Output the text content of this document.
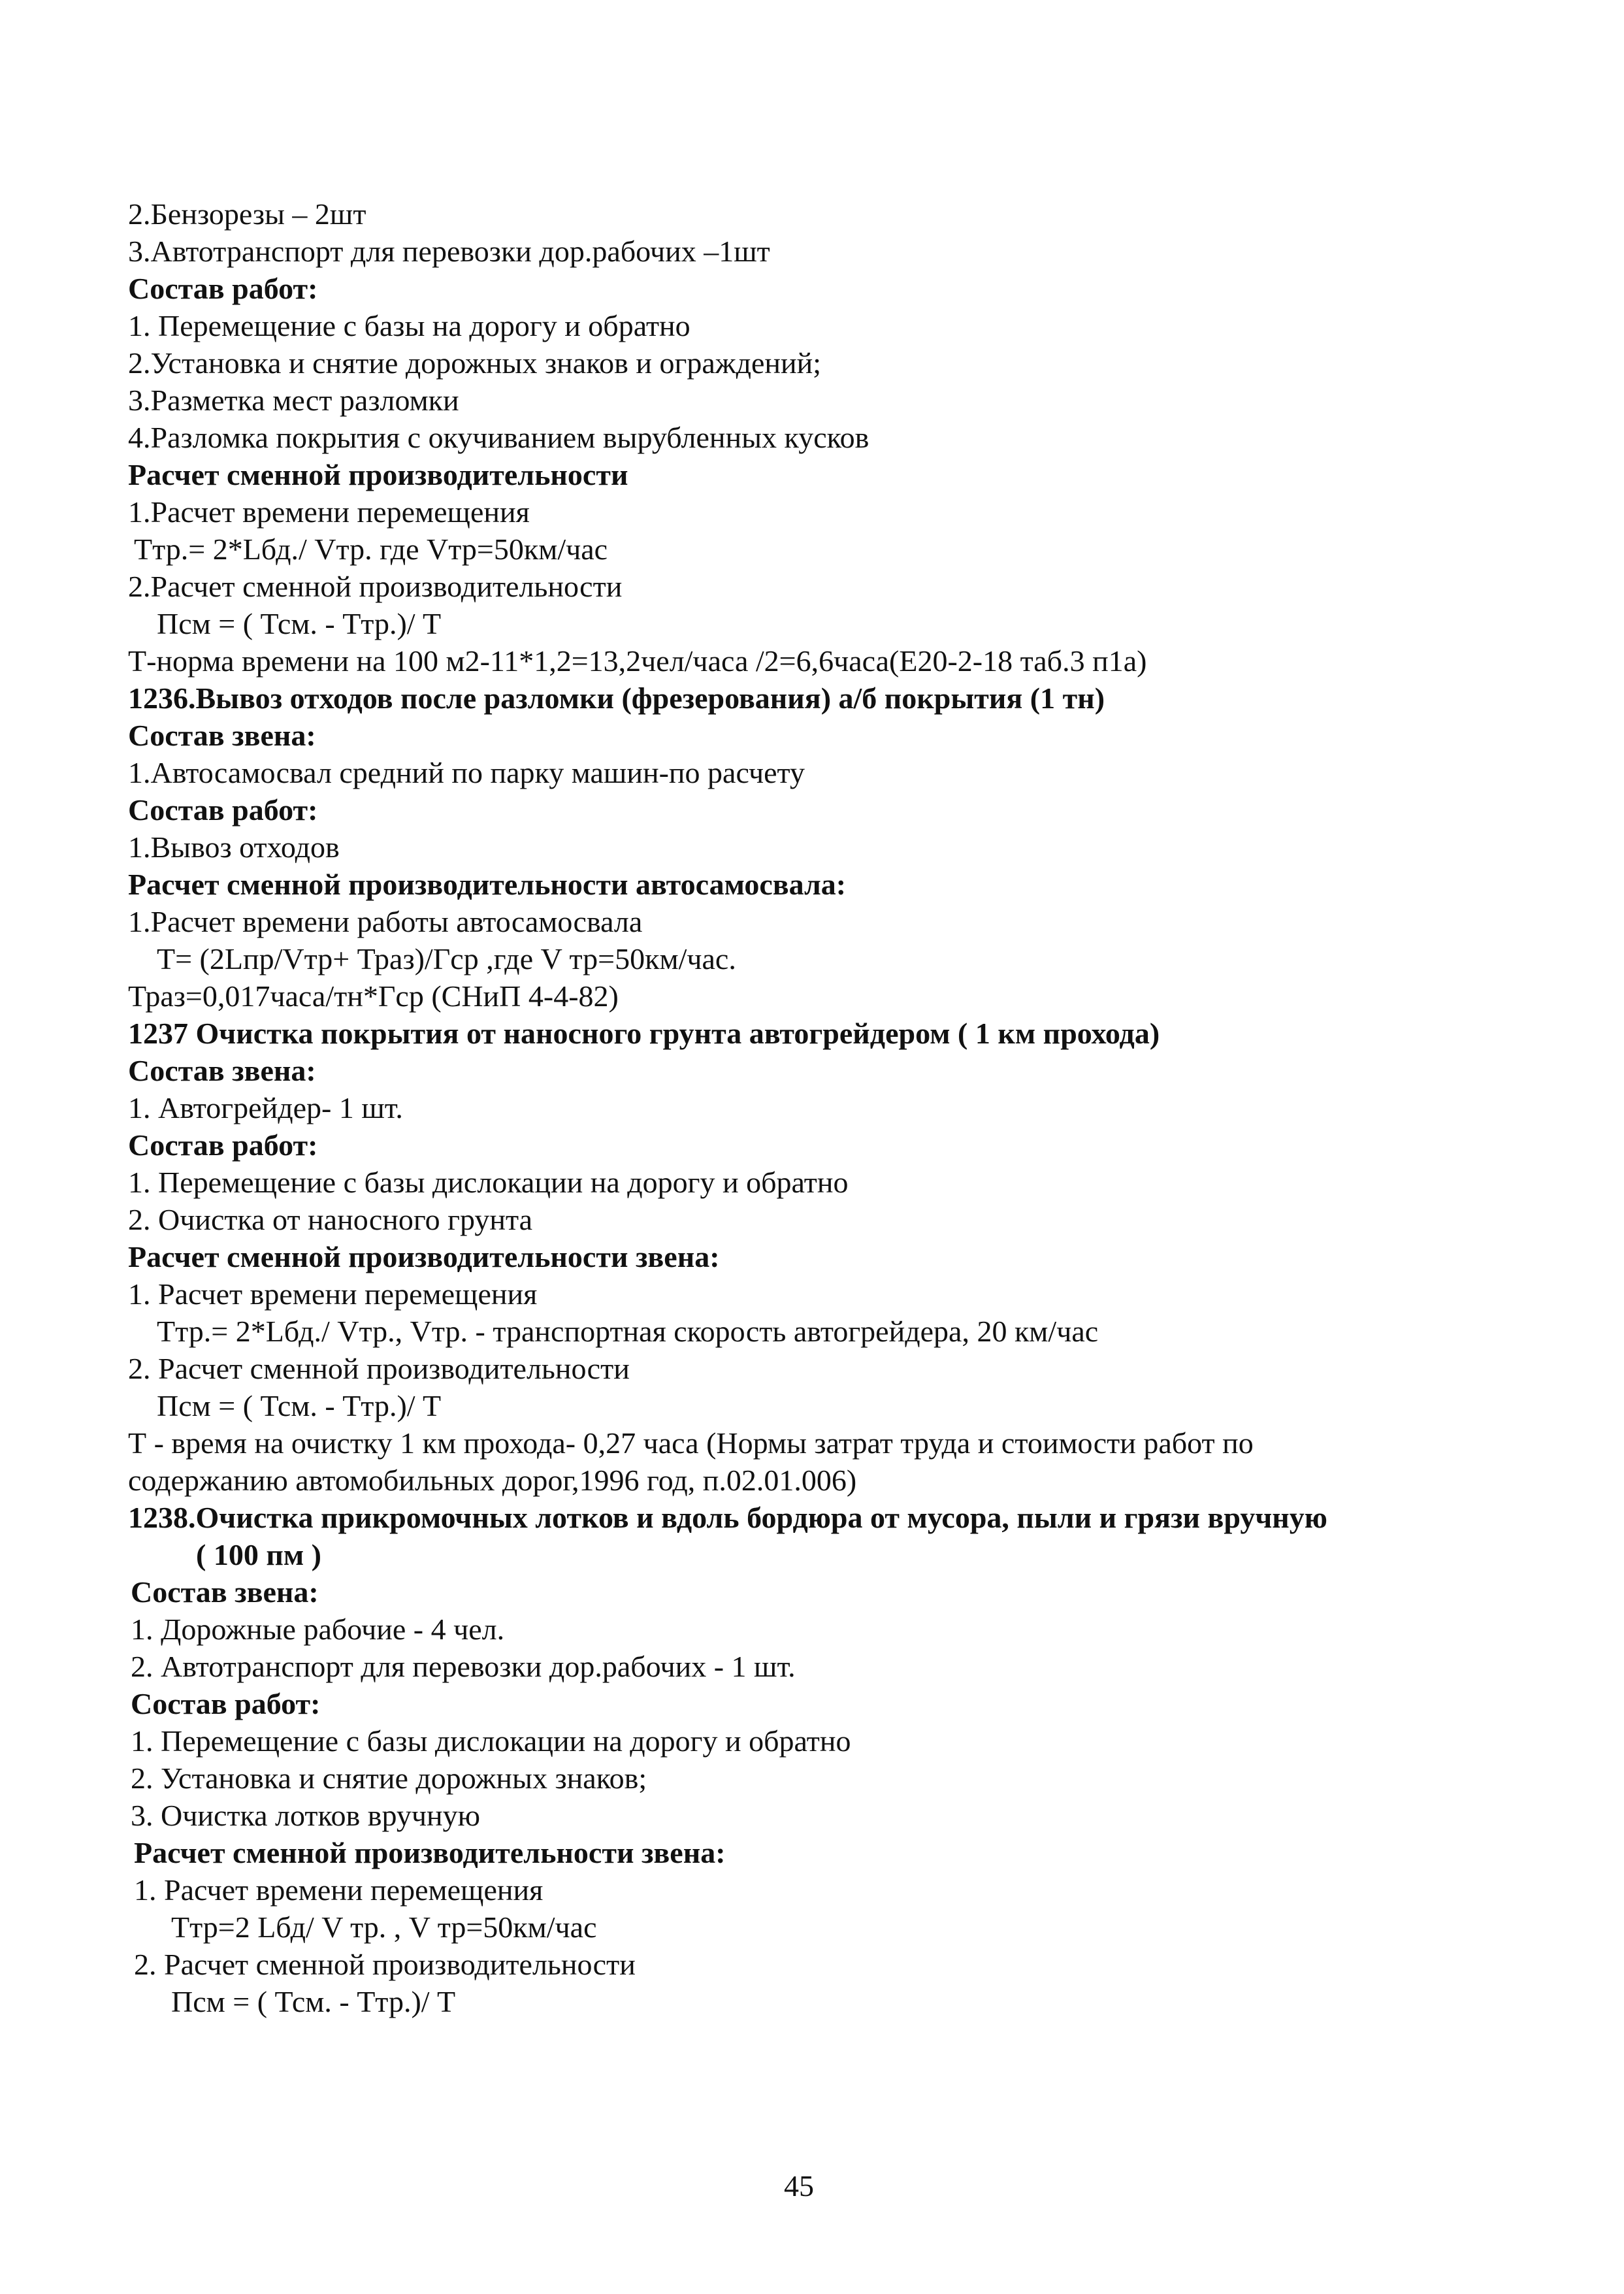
2.Бензорезы – 2шт

3.Автотранспорт для перевозки дор.рабочих –1шт

Состав работ:

1. Перемещение с базы на дорогу и обратно

2.Установка и снятие дорожных знаков и ограждений;

3.Разметка мест разломки

4.Разломка покрытия с окучиванием вырубленных кусков

Расчет сменной производительности

1.Расчет времени перемещения

Ттр.= 2*Lбд./ Vтр. где Vтр=50км/час

2.Расчет сменной производительности

Псм = ( Тсм. - Ттр.)/ Т

Т-норма времени на 100 м2-11*1,2=13,2чел/часа /2=6,6часа(Е20-2-18 таб.3 п1а)

1236.Вывоз отходов после разломки (фрезерования) а/б покрытия (1 тн)

Состав звена:

1.Автосамосвал средний по парку машин-по расчету

Состав работ:

1.Вывоз отходов

Расчет сменной производительности автосамосвала:

1.Расчет времени работы автосамосвала

Т= (2Lпр/Vтр+ Траз)/Гср ,где V тр=50км/час.

Траз=0,017часа/тн*Гср (СНиП 4-4-82)

1237 Очистка покрытия от наносного грунта автогрейдером ( 1 км прохода)

Состав звена:

1. Автогрейдер- 1 шт.

Состав работ:

1. Перемещение с базы дислокации на дорогу и обратно

2. Очистка от наносного грунта

Расчет сменной производительности звена:

1. Расчет времени перемещения

Ттр.= 2*Lбд./ Vтр., Vтр. - транспортная скорость автогрейдера, 20 км/час

2. Расчет сменной производительности

Псм = ( Тсм. - Ттр.)/ Т

Т - время на очистку 1 км прохода- 0,27 часа (Нормы затрат труда и стоимости работ по

содержанию автомобильных дорог,1996 год, п.02.01.006)

1238.Очистка прикромочных лотков и вдоль бордюра от мусора, пыли и грязи вручную

( 100 пм )

Состав звена:

1. Дорожные рабочие - 4 чел.

2. Автотранспорт для перевозки дор.рабочих - 1 шт.

Состав работ:

1. Перемещение с базы дислокации на дорогу и обратно

2. Установка и снятие дорожных знаков;

3. Очистка лотков вручную

Расчет сменной производительности звена:

1. Расчет времени перемещения

Ттр=2 Lбд/ V тр. , V тр=50км/час

2. Расчет сменной производительности

Псм = ( Тсм. - Ттр.)/ Т

45
